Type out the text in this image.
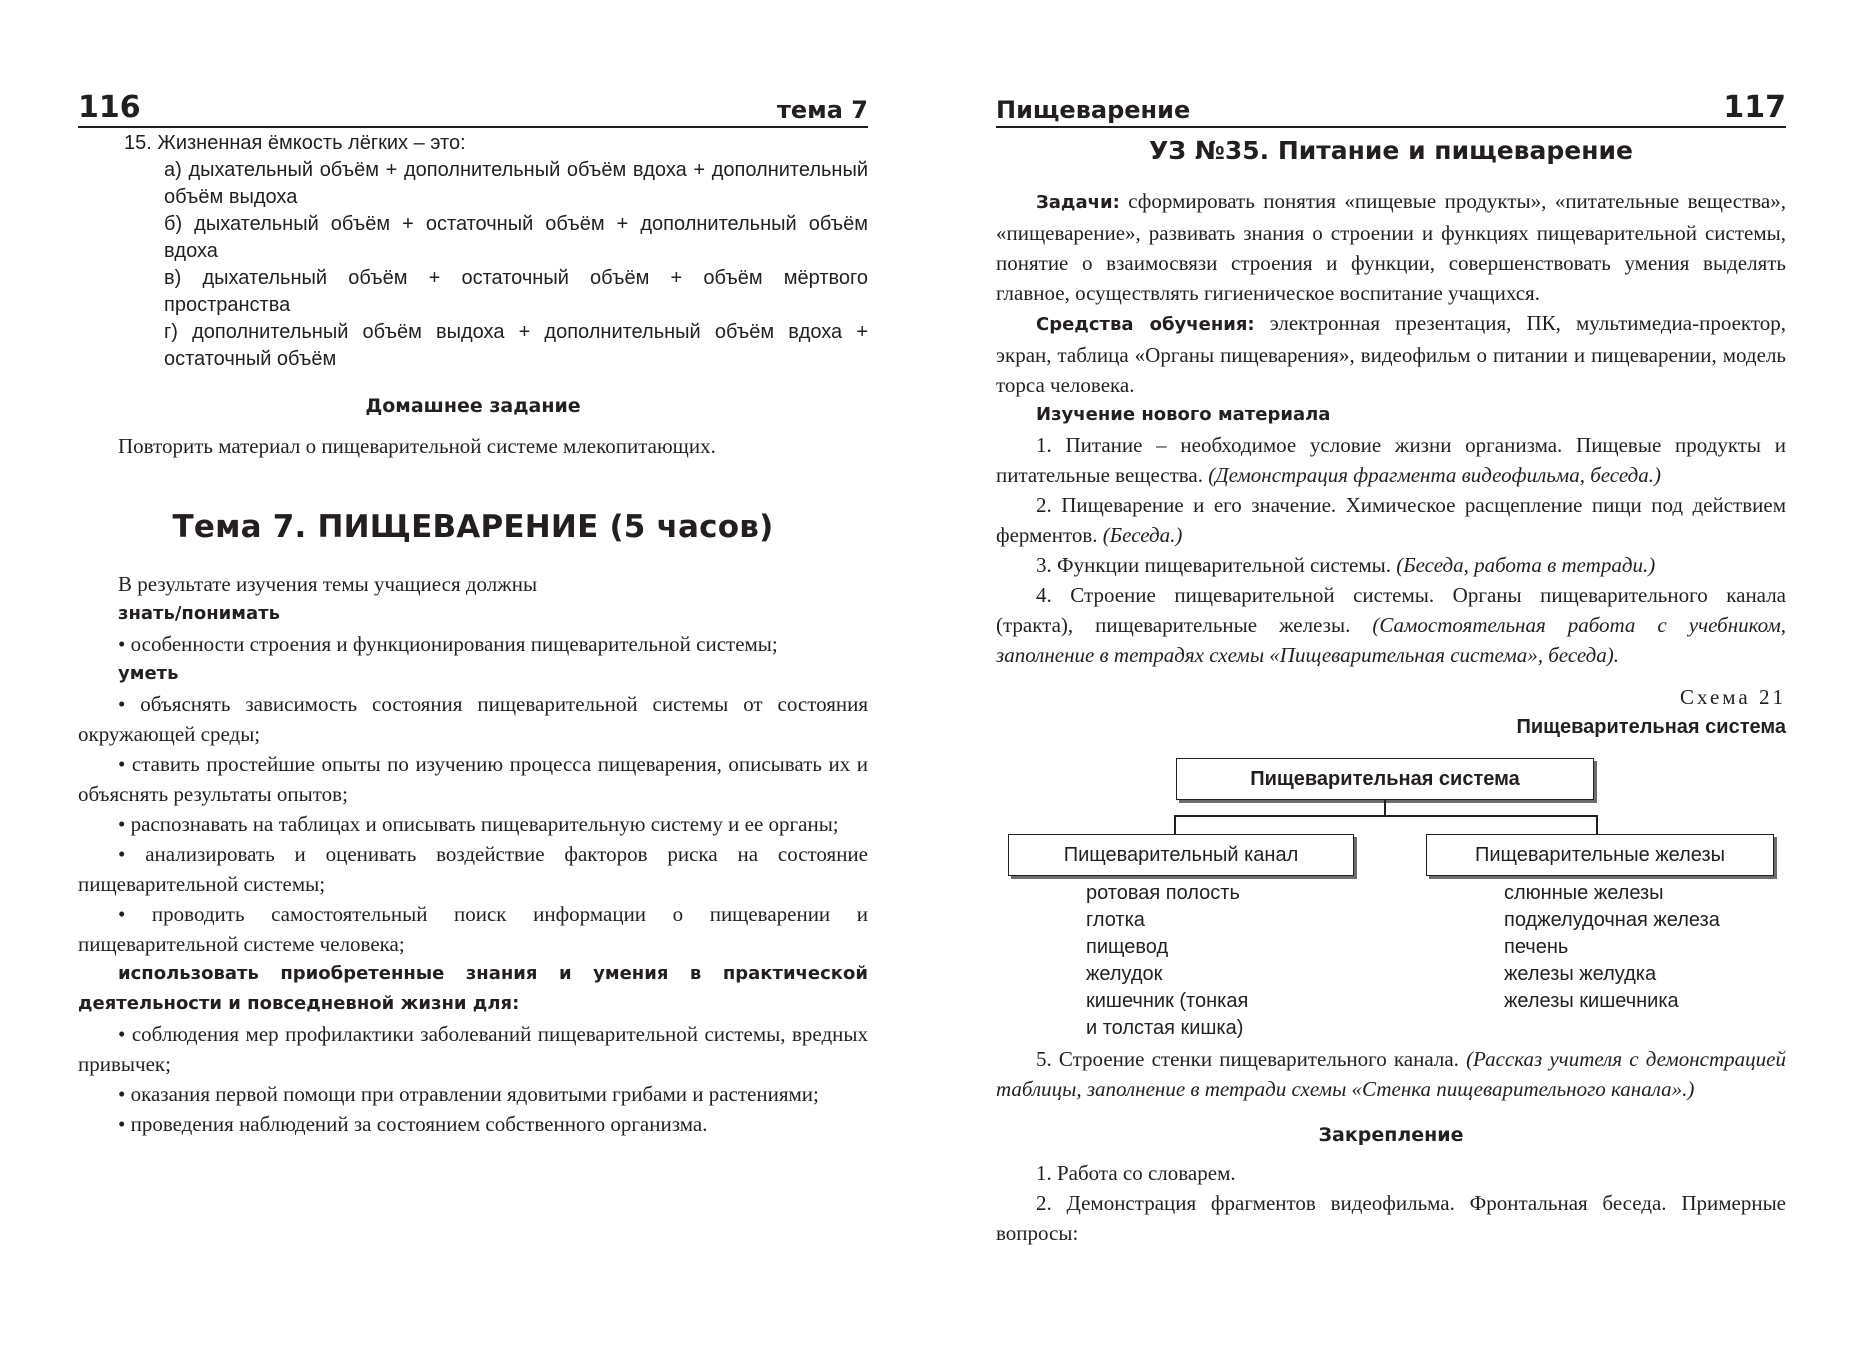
116	тема 7

15. Жизненная ёмкость лёгких – это:

а) дыхательный объём + дополнительный объём вдоха + дополнительный объём выдоха

б) дыхательный объём + остаточный объём + дополнительный объём вдоха

в) дыхательный объём + остаточный объём + объём мёртвого пространства

г) дополнительный объём выдоха + дополнительный объём вдоха + остаточный объём

Домашнее задание

Повторить материал о пищеварительной системе млекопитающих.

Тема 7. ПИЩЕВАРЕНИЕ (5 часов)

В результате изучения темы учащиеся должны

знать/понимать

• особенности строения и функционирования пищеварительной системы;

уметь

• объяснять зависимость состояния пищеварительной системы от состояния окружающей среды;

• ставить простейшие опыты по изучению процесса пищеварения, описывать их и объяснять результаты опытов;

• распознавать на таблицах и описывать пищеварительную систему и ее органы;

• анализировать и оценивать воздействие факторов риска на состояние пищеварительной системы;

• проводить самостоятельный поиск информации о пищеварении и пищеварительной системе человека;

использовать приобретенные знания и умения в практической деятельности и повседневной жизни для:

• соблюдения мер профилактики заболеваний пищеварительной системы, вредных привычек;

• оказания первой помощи при отравлении ядовитыми грибами и растениями;

• проведения наблюдений за состоянием собственного организма.

Пищеварение	117

УЗ №35. Питание и пищеварение

Задачи: сформировать понятия «пищевые продукты», «питательные вещества», «пищеварение», развивать знания о строении и функциях пищеварительной системы, понятие о взаимосвязи строения и функции, совершенствовать умения выделять главное, осуществлять гигиеническое воспитание учащихся.

Средства обучения: электронная презентация, ПК, мультимедиа-проектор, экран, таблица «Органы пищеварения», видеофильм о питании и пищеварении, модель торса человека.

Изучение нового материала

1. Питание – необходимое условие жизни организма. Пищевые продукты и питательные вещества. (Демонстрация фрагмента видеофильма, беседа.)

2. Пищеварение и его значение. Химическое расщепление пищи под действием ферментов. (Беседа.)

3. Функции пищеварительной системы. (Беседа, работа в тетради.)

4. Строение пищеварительной системы. Органы пищеварительного канала (тракта), пищеварительные железы. (Самостоятельная работа с учебником, заполнение в тетрадях схемы «Пищеварительная система», беседа).

Схема 21

Пищеварительная система

Пищеварительная система
Пищеварительный канал	Пищеварительные железы
ротовая полость
глотка
пищевод
желудок
кишечник (тонкая
и толстая кишка)
слюнные железы
поджелудочная железа
печень
железы желудка
железы кишечника

5. Строение стенки пищеварительного канала. (Рассказ учителя с демонстрацией таблицы, заполнение в тетради схемы «Стенка пищеварительного канала».)

Закрепление

1. Работа со словарем.

2. Демонстрация фрагментов видеофильма. Фронтальная беседа. Примерные вопросы:
